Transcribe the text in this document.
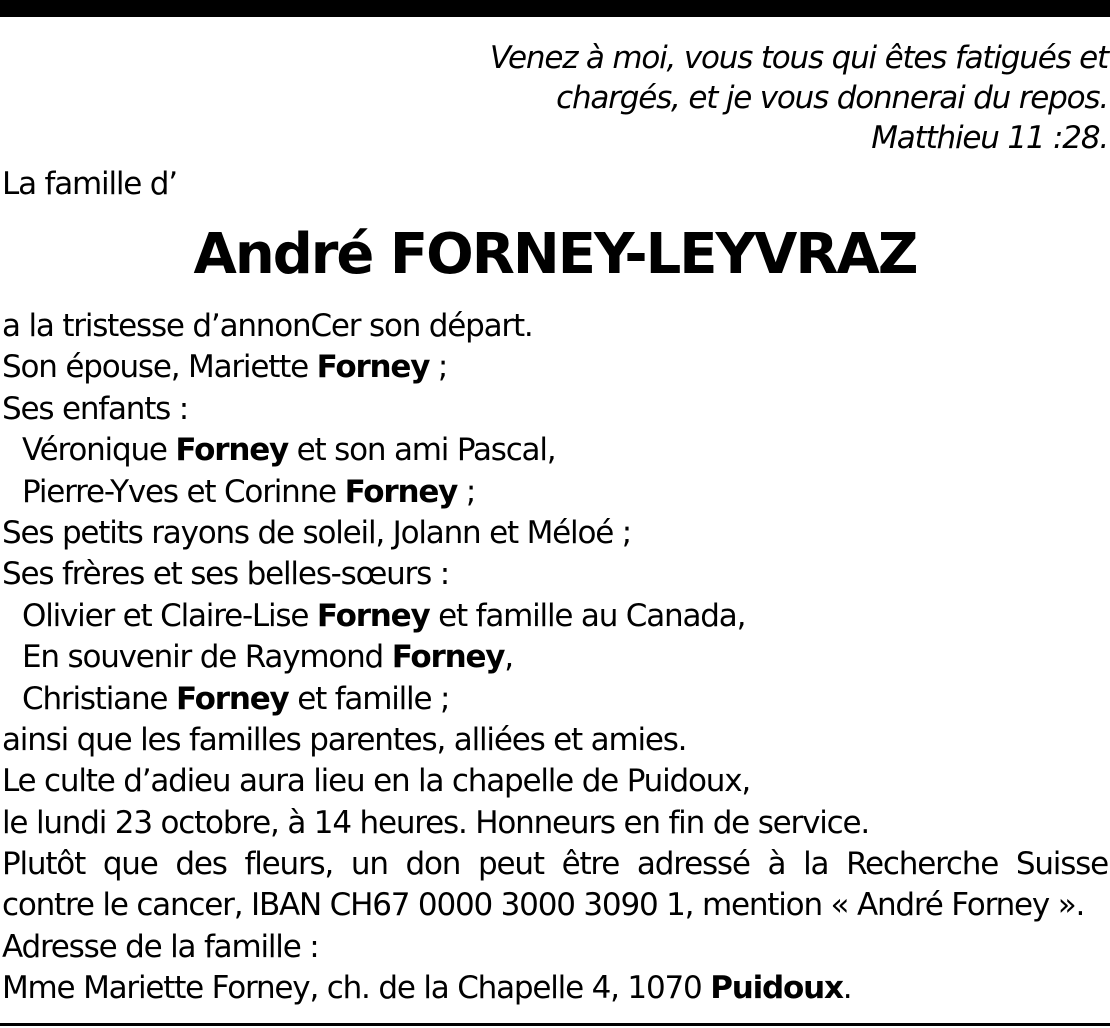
Venez à moi, vous tous qui êtes fatigués et
chargés, et je vous donnerai du repos.
Matthieu 11 :28.
La famille d’
André FORNEY-LEYVRAZ
a la tristesse d’annonCer son départ.
Son épouse, Mariette Forney ;
Ses enfants :
Véronique Forney et son ami Pascal,
Pierre-Yves et Corinne Forney ;
Ses petits rayons de soleil, Jolann et Méloé ;
Ses frères et ses belles-sœurs :
Olivier et Claire-Lise Forney et famille au Canada,
En souvenir de Raymond Forney,
Christiane Forney et famille ;
ainsi que les familles parentes, alliées et amies.
Le culte d’adieu aura lieu en la chapelle de Puidoux,
le lundi 23 octobre, à 14 heures. Honneurs en fin de service.
Plutôt que des fleurs, un don peut être adressé à la Recherche Suisse
contre le cancer, IBAN CH67 0000 3000 3090 1, mention « André Forney ».
Adresse de la famille :
Mme Mariette Forney, ch. de la Chapelle 4, 1070 Puidoux.
